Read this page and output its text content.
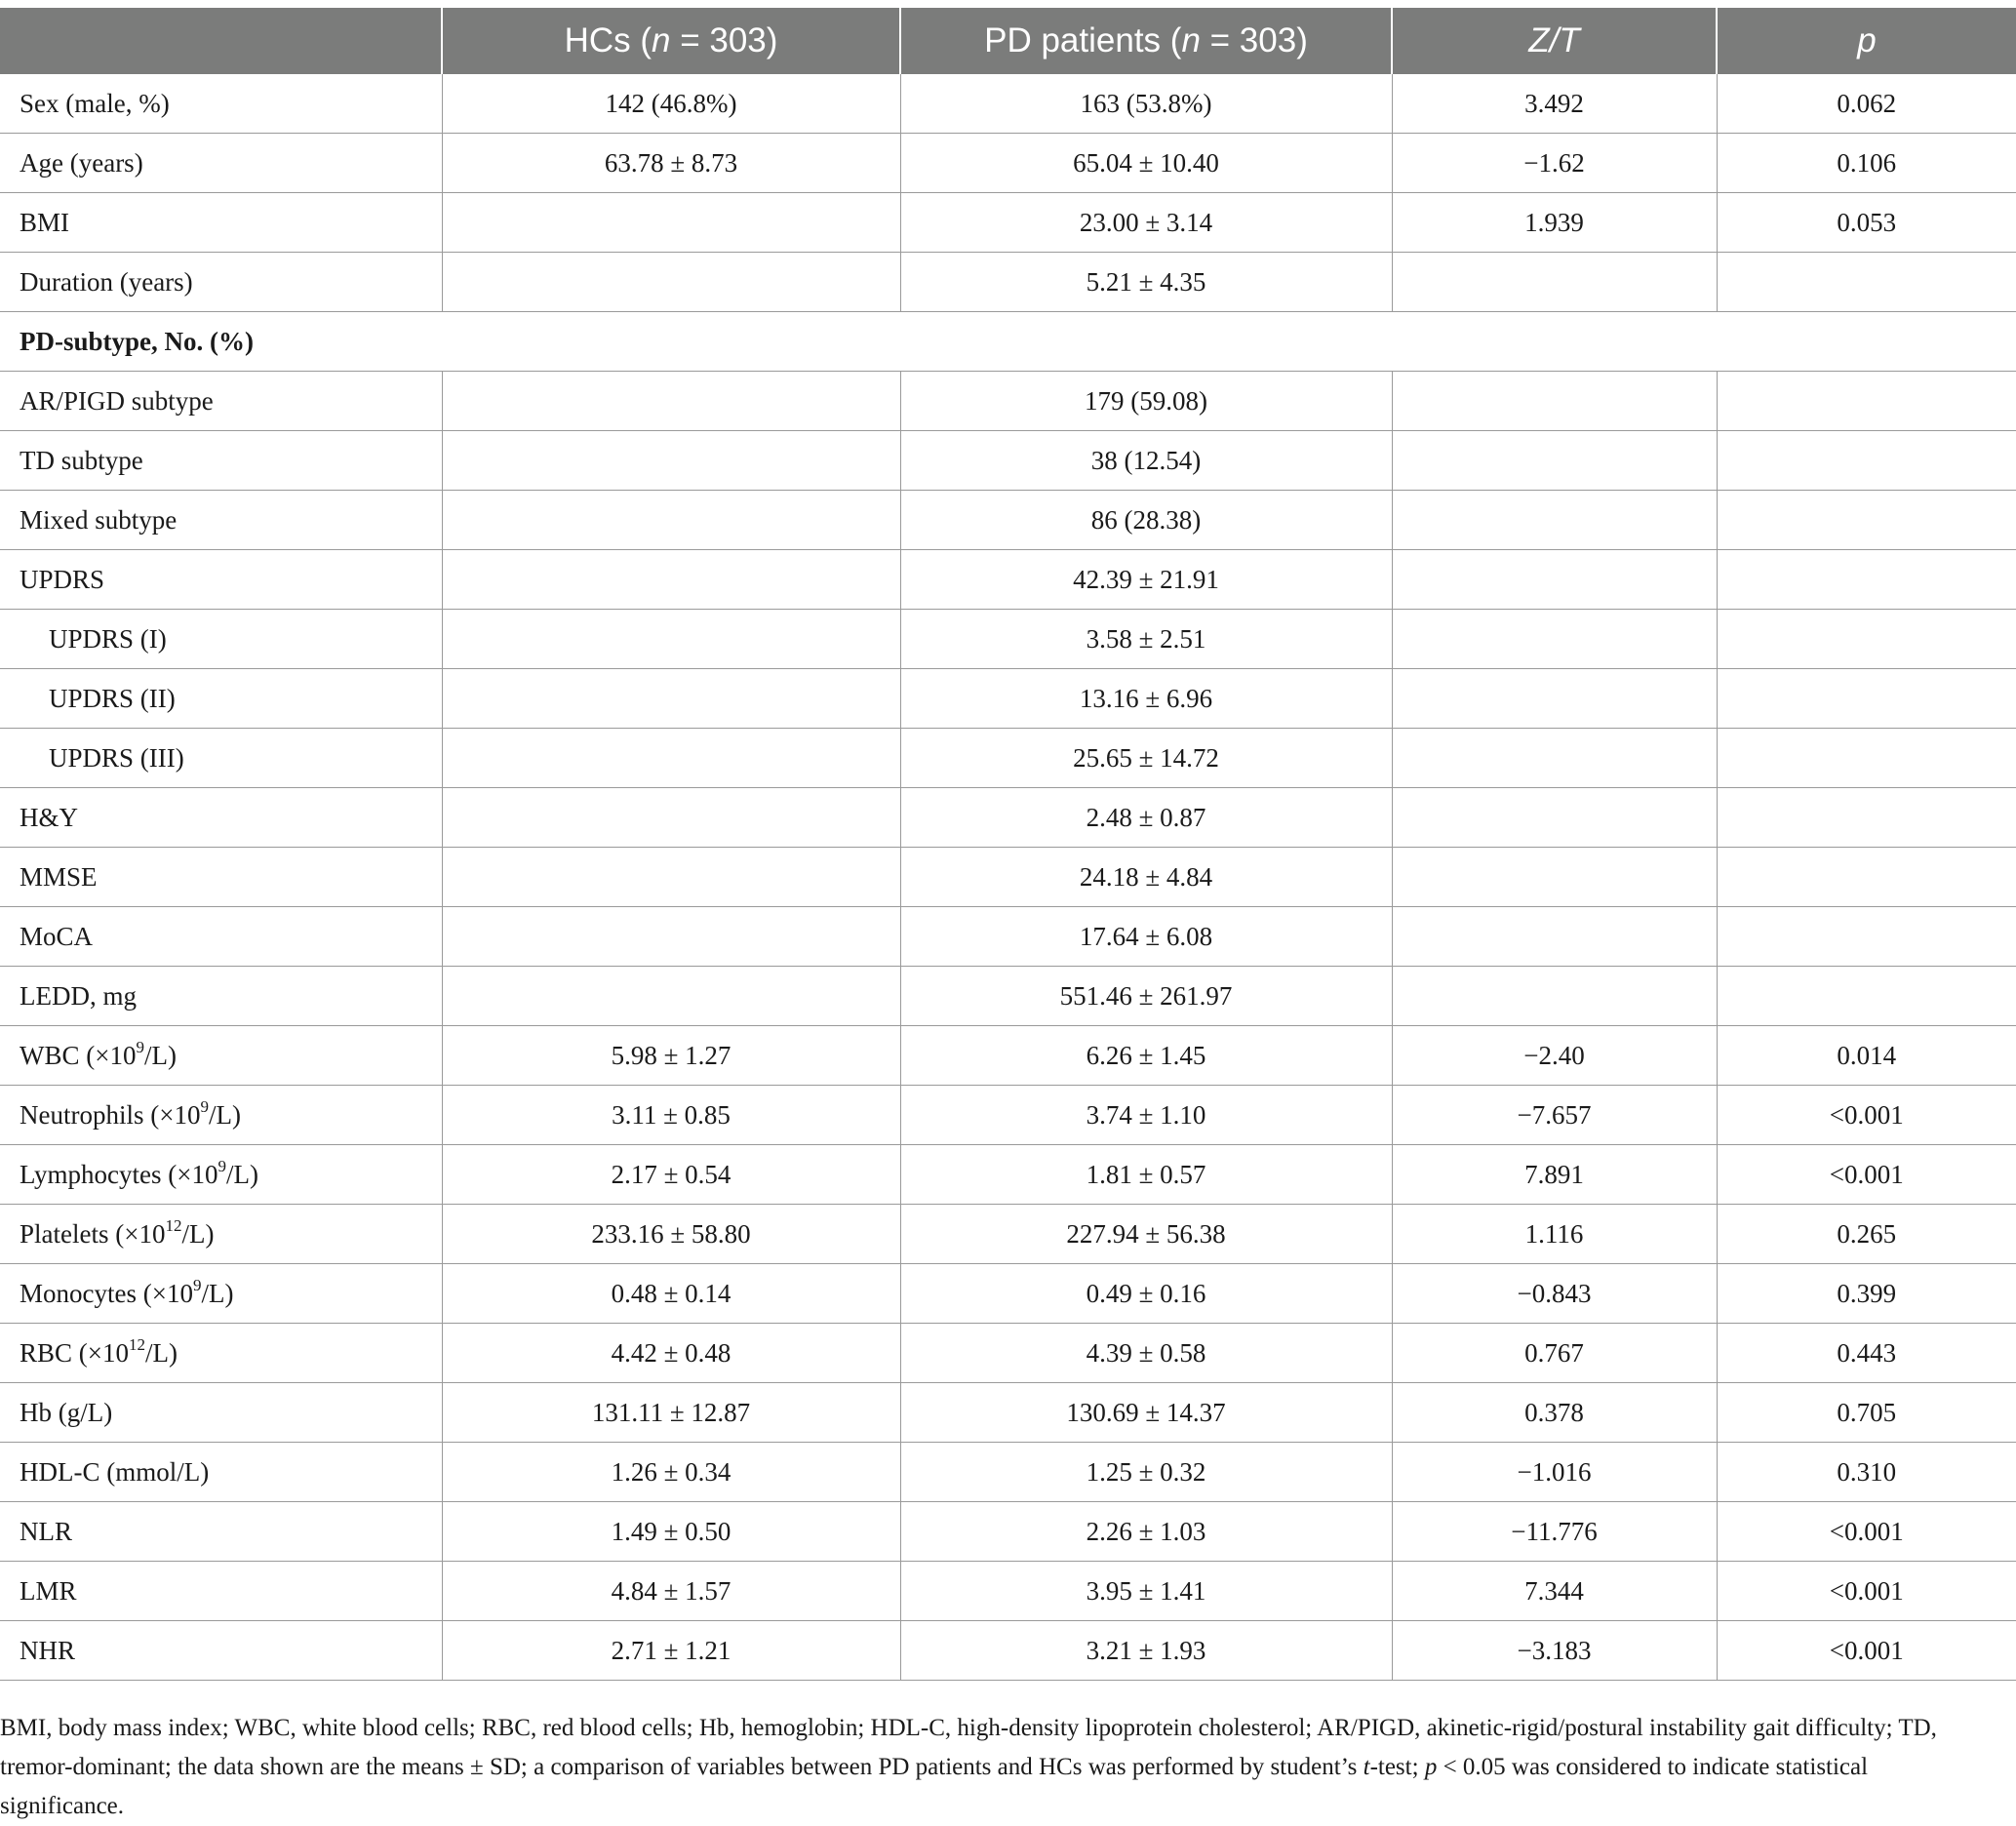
	HCs (n = 303)	PD patients (n = 303)	Z/T	p
Sex (male, %)	142 (46.8%)	163 (53.8%)	3.492	0.062
Age (years)	63.78 ± 8.73	65.04 ± 10.40	−1.62	0.106
BMI		23.00 ± 3.14	1.939	0.053
Duration (years)		5.21 ± 4.35		
PD-subtype, No. (%)				
AR/PIGD subtype		179 (59.08)		
TD subtype		38 (12.54)		
Mixed subtype		86 (28.38)		
UPDRS		42.39 ± 21.91		
UPDRS (I)		3.58 ± 2.51		
UPDRS (II)		13.16 ± 6.96		
UPDRS (III)		25.65 ± 14.72		
H&Y		2.48 ± 0.87		
MMSE		24.18 ± 4.84		
MoCA		17.64 ± 6.08		
LEDD, mg		551.46 ± 261.97		
WBC $(\times 10^9/L)$	5.98 ± 1.27	6.26 ± 1.45	−2.40	0.014
Neutrophils $(\times 10^9/L)$	3.11 ± 0.85	3.74 ± 1.10	−7.657	<0.001
Lymphocytes $(\times 10^9/L)$	2.17 ± 0.54	1.81 ± 0.57	7.891	<0.001
Platelets $(\times 10^{12}/L)$	233.16 ± 58.80	227.94 ± 56.38	1.116	0.265
Monocytes $(\times 10^9/L)$	0.48 ± 0.14	0.49 ± 0.16	−0.843	0.399
RBC $(\times 10^{12}/L)$	4.42 ± 0.48	4.39 ± 0.58	0.767	0.443
Hb (g/L)	131.11 ± 12.87	130.69 ± 14.37	0.378	0.705
HDL-C (mmol/L)	1.26 ± 0.34	1.25 ± 0.32	−1.016	0.310
NLR	1.49 ± 0.50	2.26 ± 1.03	−11.776	<0.001
LMR	4.84 ± 1.57	3.95 ± 1.41	7.344	<0.001
NHR	2.71 ± 1.21	3.21 ± 1.93	−3.183	<0.001
BMI, body mass index; WBC, white blood cells; RBC, red blood cells; Hb, hemoglobin; HDL-C, high-density lipoprotein cholesterol; AR/PIGD, akinetic-rigid/postural instability gait difficulty; TD, tremor-dominant; the data shown are the means ± SD; a comparison of variables between PD patients and HCs was performed by student’s t-test; p < 0.05 was considered to indicate statistical significance.
